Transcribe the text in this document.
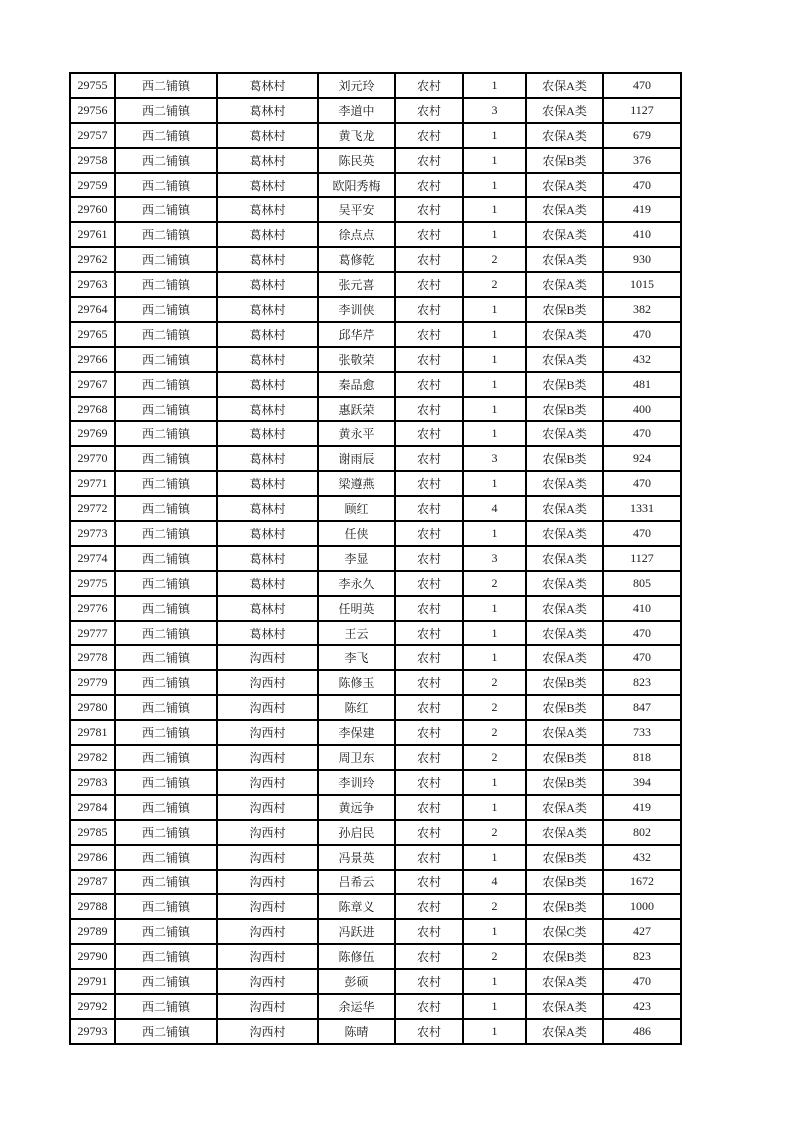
29755	西二铺镇	葛林村	刘元玲	农村	1	农保A类	470
29756	西二铺镇	葛林村	李道中	农村	3	农保A类	1127
29757	西二铺镇	葛林村	黄飞龙	农村	1	农保A类	679
29758	西二铺镇	葛林村	陈民英	农村	1	农保B类	376
29759	西二铺镇	葛林村	欧阳秀梅	农村	1	农保A类	470
29760	西二铺镇	葛林村	吴平安	农村	1	农保A类	419
29761	西二铺镇	葛林村	徐点点	农村	1	农保A类	410
29762	西二铺镇	葛林村	葛修乾	农村	2	农保A类	930
29763	西二铺镇	葛林村	张元喜	农村	2	农保A类	1015
29764	西二铺镇	葛林村	李训侠	农村	1	农保B类	382
29765	西二铺镇	葛林村	邱华芹	农村	1	农保A类	470
29766	西二铺镇	葛林村	张敬荣	农村	1	农保A类	432
29767	西二铺镇	葛林村	秦品愈	农村	1	农保B类	481
29768	西二铺镇	葛林村	惠跃荣	农村	1	农保B类	400
29769	西二铺镇	葛林村	黄永平	农村	1	农保A类	470
29770	西二铺镇	葛林村	谢雨辰	农村	3	农保B类	924
29771	西二铺镇	葛林村	梁遵燕	农村	1	农保A类	470
29772	西二铺镇	葛林村	顾红	农村	4	农保A类	1331
29773	西二铺镇	葛林村	任侠	农村	1	农保A类	470
29774	西二铺镇	葛林村	李显	农村	3	农保A类	1127
29775	西二铺镇	葛林村	李永久	农村	2	农保A类	805
29776	西二铺镇	葛林村	任明英	农村	1	农保A类	410
29777	西二铺镇	葛林村	王云	农村	1	农保A类	470
29778	西二铺镇	沟西村	李飞	农村	1	农保A类	470
29779	西二铺镇	沟西村	陈修玉	农村	2	农保B类	823
29780	西二铺镇	沟西村	陈红	农村	2	农保B类	847
29781	西二铺镇	沟西村	李保建	农村	2	农保A类	733
29782	西二铺镇	沟西村	周卫东	农村	2	农保B类	818
29783	西二铺镇	沟西村	李训玲	农村	1	农保B类	394
29784	西二铺镇	沟西村	黄远争	农村	1	农保A类	419
29785	西二铺镇	沟西村	孙启民	农村	2	农保A类	802
29786	西二铺镇	沟西村	冯景英	农村	1	农保B类	432
29787	西二铺镇	沟西村	吕希云	农村	4	农保B类	1672
29788	西二铺镇	沟西村	陈章义	农村	2	农保B类	1000
29789	西二铺镇	沟西村	冯跃进	农村	1	农保C类	427
29790	西二铺镇	沟西村	陈修伍	农村	2	农保B类	823
29791	西二铺镇	沟西村	彭硕	农村	1	农保A类	470
29792	西二铺镇	沟西村	余运华	农村	1	农保A类	423
29793	西二铺镇	沟西村	陈晴	农村	1	农保A类	486
